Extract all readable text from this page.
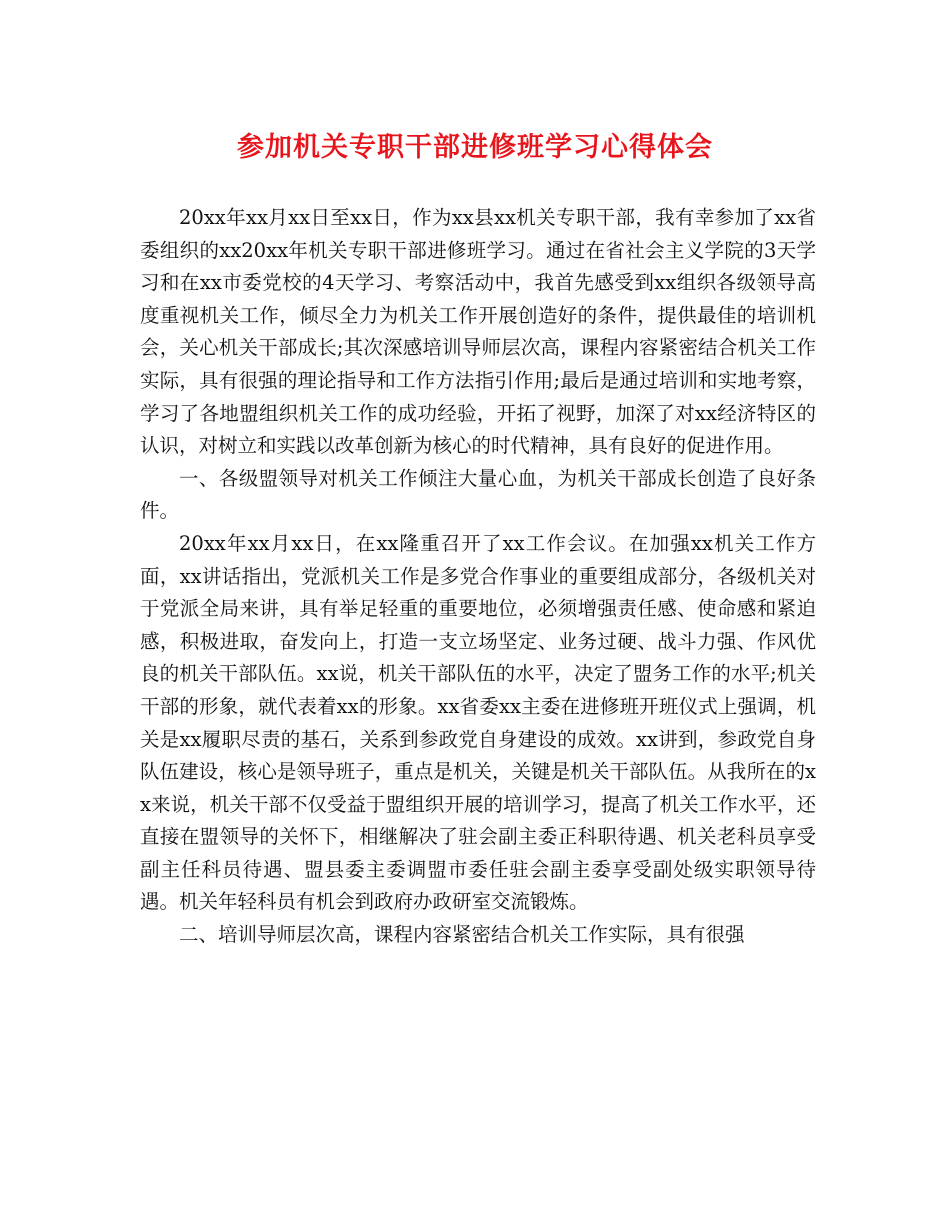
参加机关专职干部进修班学习心得体会

20xx年xx月xx日至xx日，作为xx县xx机关专职干部，我有幸参加了xx省委组织的xx20xx年机关专职干部进修班学习。通过在省社会主义学院的3天学习和在xx市委党校的4天学习、考察活动中，我首先感受到xx组织各级领导高度重视机关工作，倾尽全力为机关工作开展创造好的条件，提供最佳的培训机会，关心机关干部成长;其次深感培训导师层次高，课程内容紧密结合机关工作实际，具有很强的理论指导和工作方法指引作用;最后是通过培训和实地考察，学习了各地盟组织机关工作的成功经验，开拓了视野，加深了对xx经济特区的认识，对树立和实践以改革创新为核心的时代精神，具有良好的促进作用。

一、各级盟领导对机关工作倾注大量心血，为机关干部成长创造了良好条件。

20xx年xx月xx日，在xx隆重召开了xx工作会议。在加强xx机关工作方面，xx讲话指出，党派机关工作是多党合作事业的重要组成部分，各级机关对于党派全局来讲，具有举足轻重的重要地位，必须增强责任感、使命感和紧迫感，积极进取，奋发向上，打造一支立场坚定、业务过硬、战斗力强、作风优良的机关干部队伍。xx说，机关干部队伍的水平，决定了盟务工作的水平;机关干部的形象，就代表着xx的形象。xx省委xx主委在进修班开班仪式上强调，机关是xx履职尽责的基石，关系到参政党自身建设的成效。xx讲到，参政党自身队伍建设，核心是领导班子，重点是机关，关键是机关干部队伍。从我所在的xx来说，机关干部不仅受益于盟组织开展的培训学习，提高了机关工作水平，还直接在盟领导的关怀下，相继解决了驻会副主委正科职待遇、机关老科员享受副主任科员待遇、盟县委主委调盟市委任驻会副主委享受副处级实职领导待遇。机关年轻科员有机会到政府办政研室交流锻炼。

二、培训导师层次高，课程内容紧密结合机关工作实际，具有很强
